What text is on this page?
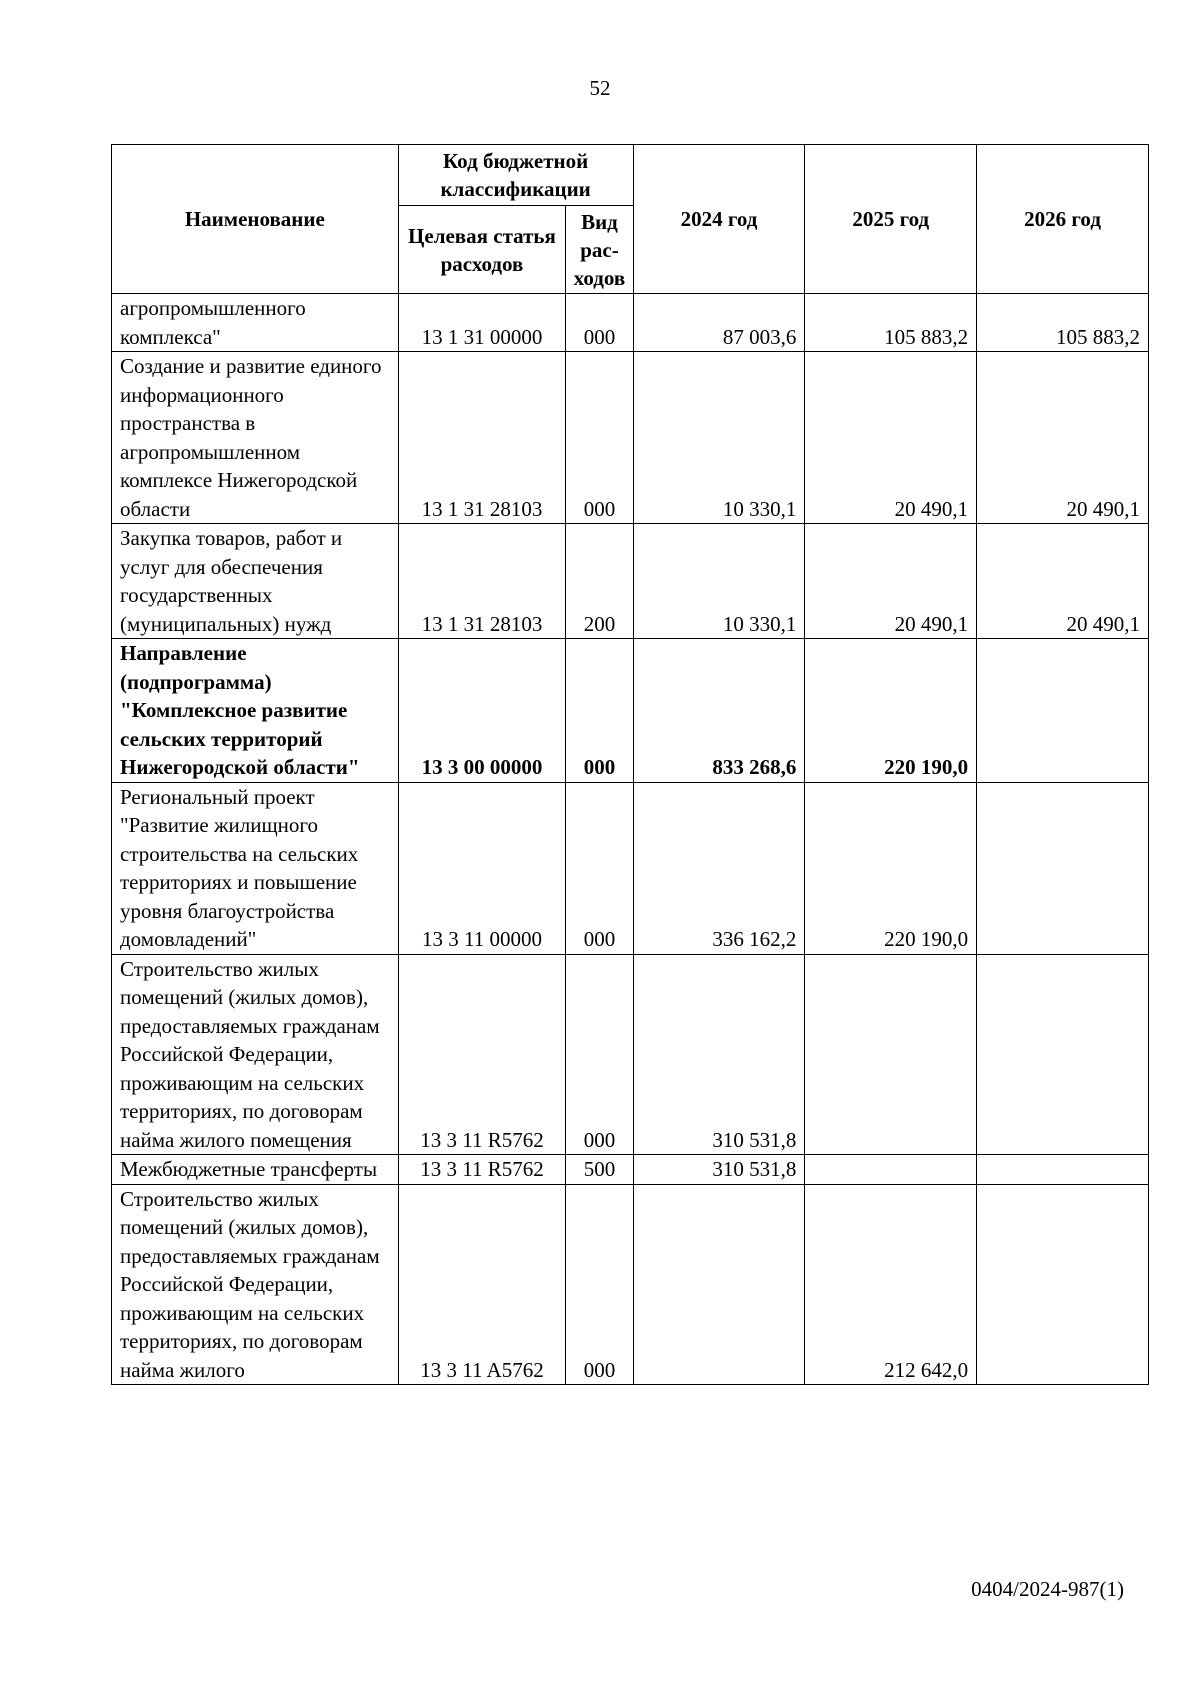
52
Наименование	Код бюджетной классификации		2024 год	2025 год	2026 год
	Целевая статья расходов	Вид рас-ходов			
агропромышленного комплекса"	13 1 31 00000	000	87 003,6	105 883,2	105 883,2
Создание и развитие единого информационного пространства в агропромышленном комплексе Нижегородской области	13 1 31 28103	000	10 330,1	20 490,1	20 490,1
Закупка товаров, работ и услуг для обеспечения государственных (муниципальных) нужд	13 1 31 28103	200	10 330,1	20 490,1	20 490,1
Направление (подпрограмма) "Комплексное развитие сельских территорий Нижегородской области"	13 3 00 00000	000	833 268,6	220 190,0	
Региональный проект "Развитие жилищного строительства на сельских территориях и повышение уровня благоустройства домовладений"	13 3 11 00000	000	336 162,2	220 190,0	
Строительство жилых помещений (жилых домов), предоставляемых гражданам Российской Федерации, проживающим на сельских территориях, по договорам найма жилого помещения	13 3 11 R5762	000	310 531,8		
Межбюджетные трансферты	13 3 11 R5762	500	310 531,8		
Строительство жилых помещений (жилых домов), предоставляемых гражданам Российской Федерации, проживающим на сельских территориях, по договорам найма жилого	13 3 11 A5762	000		212 642,0	
0404/2024-987(1)
